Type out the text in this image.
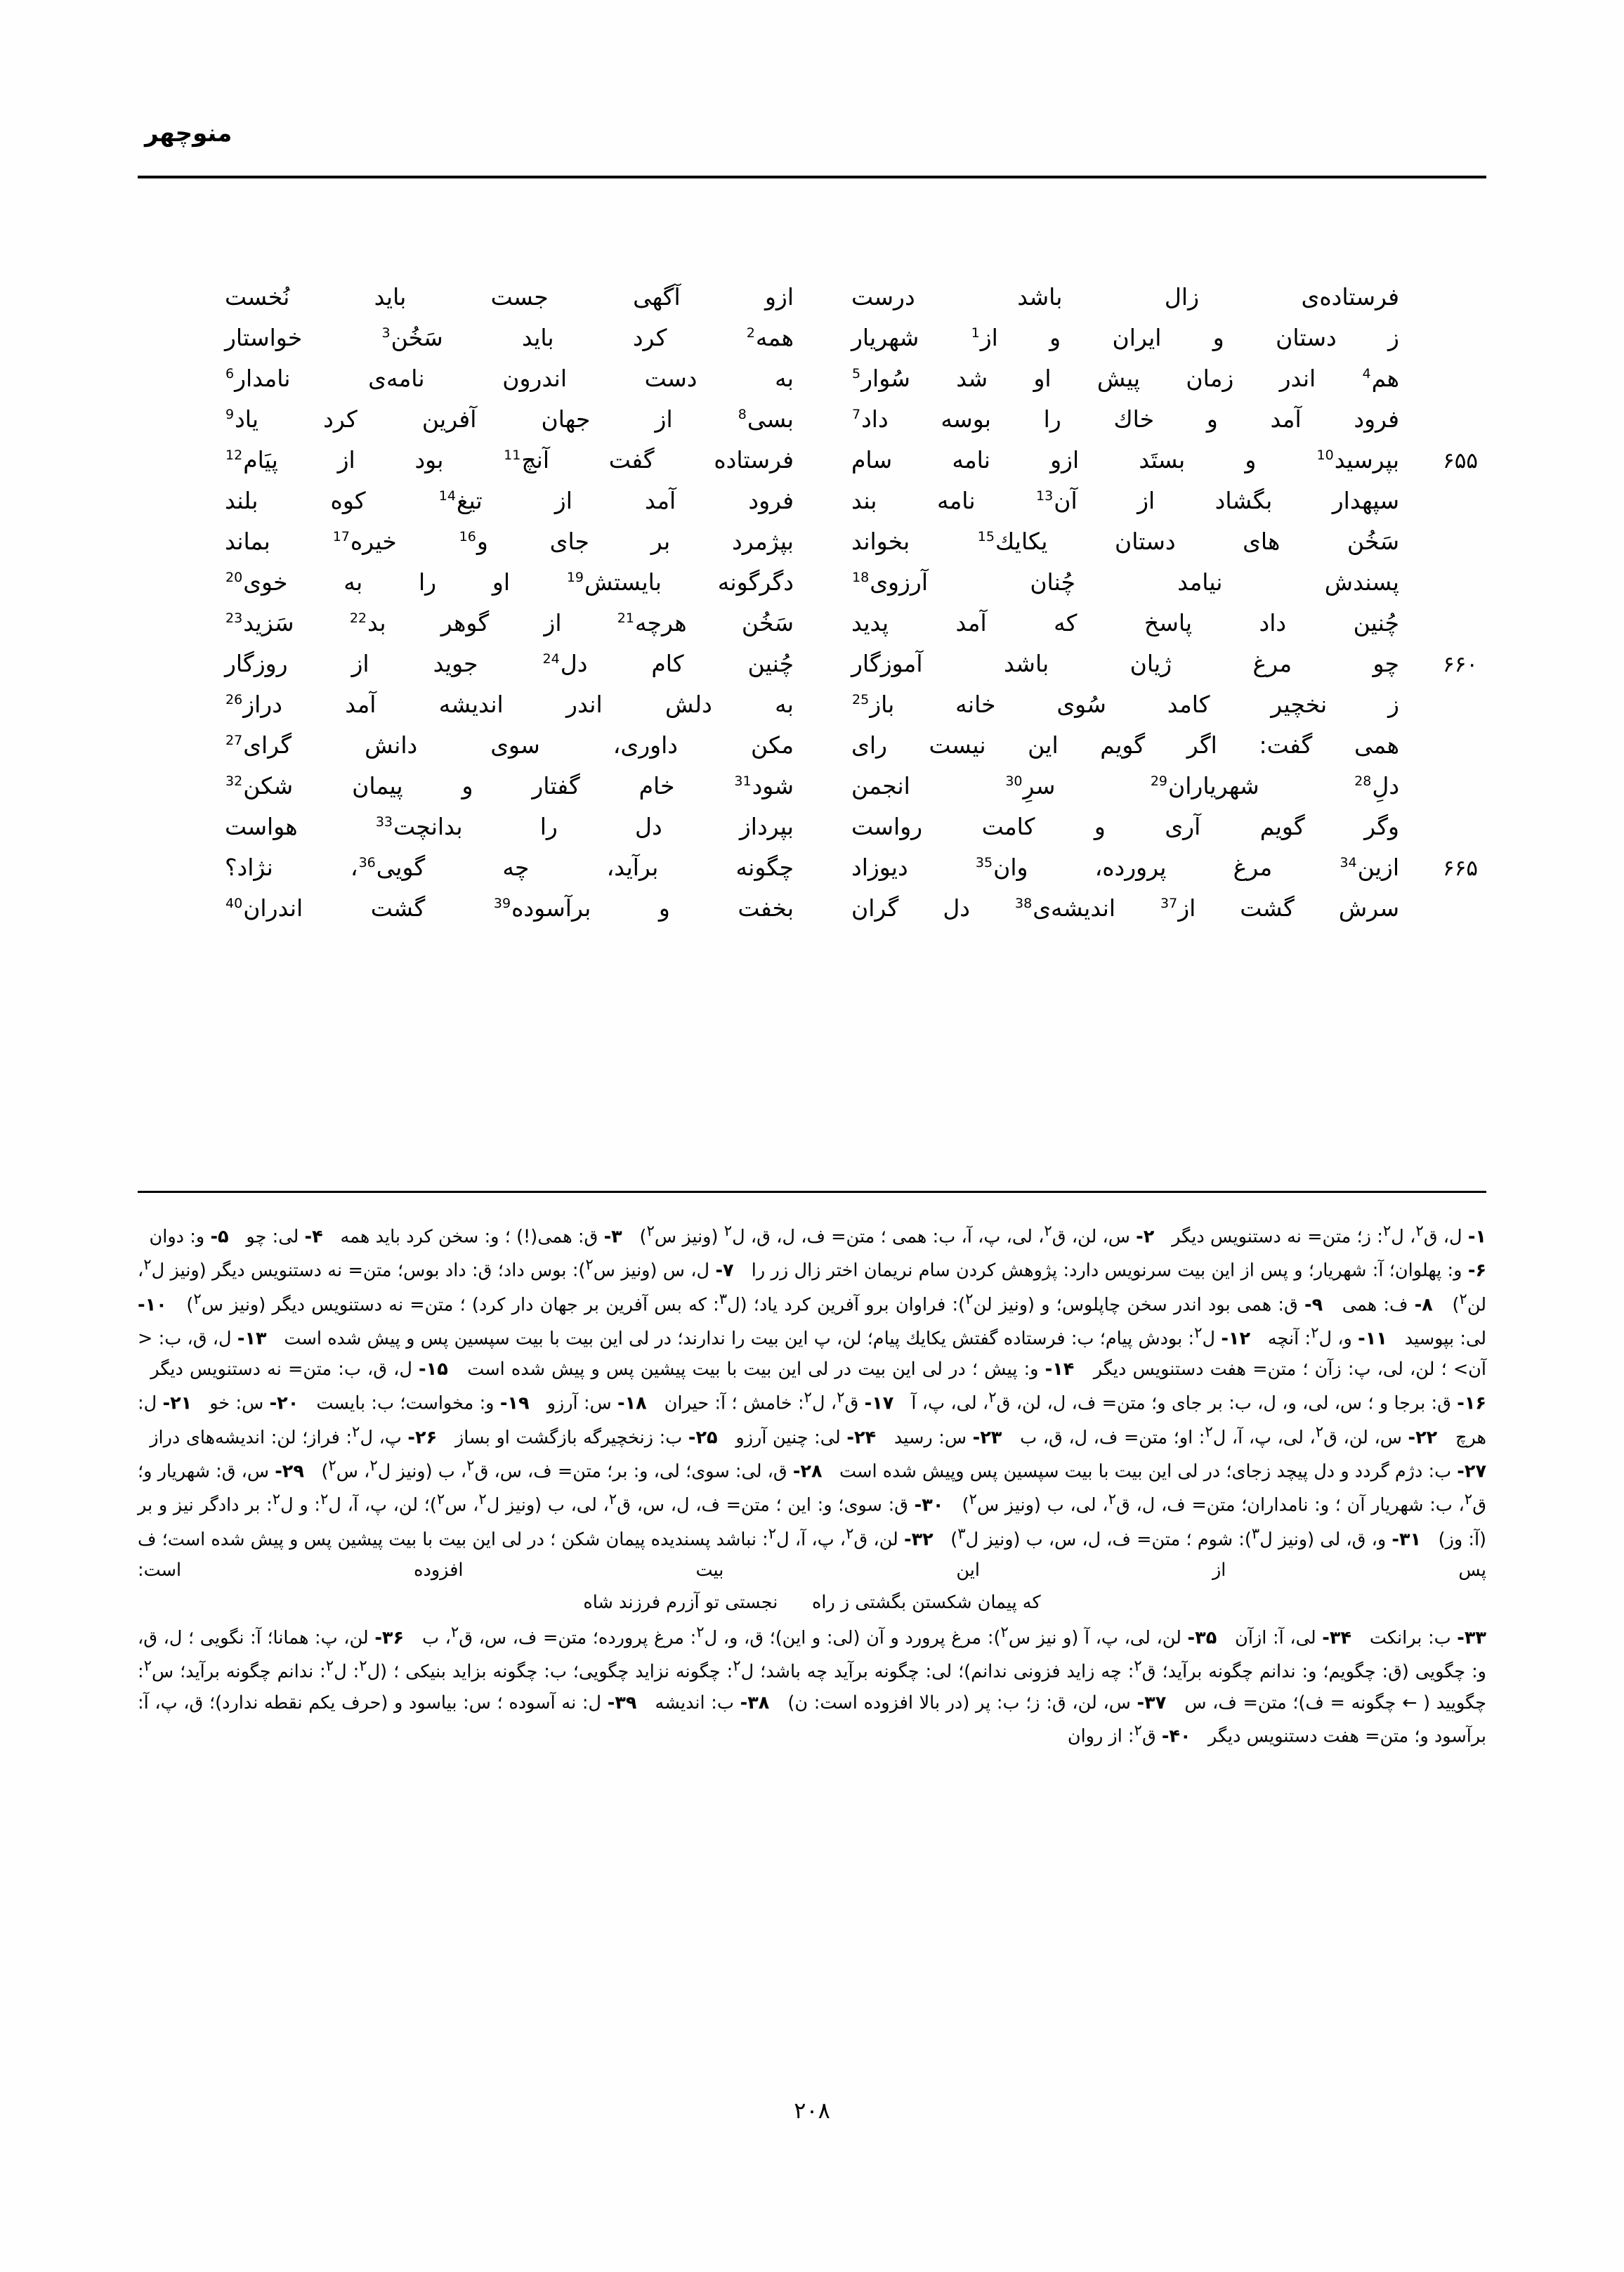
منوچهر
فرستاده‌ی زال باشد درست
ازو آگهی جست باید نُخست
ز دستان و ایران و از$^1$ شهریار
همه$^2$ کرد باید سَخُن$^3$ خواستار
هم$^4$ اندر زمان پیش او شد سُوار$^5$
به دست اندرون نامه‌ی نامدار$^6$
فرود آمد و خاك را بوسه داد$^7$
بسی$^8$ از جهان آفرین کرد یاد$^9$
۶۵۵
بپرسید$^{10}$ و بستَد ازو نامه سام
فرستاده گفت آنچ$^{11}$ بود از پیَام$^{12}$
سپهدار بگشاد از آن$^{13}$ نامه بند
فرود آمد از تیغ$^{14}$ کوه بلند
سَخُن های دستان یکایك$^{15}$ بخواند
بپژمرد بر جای و$^{16}$ خیره$^{17}$ بماند
پسندش نیامد چُنان آرزوی$^{18}$
دگرگونه بایستش$^{19}$ او را به خوی$^{20}$
چُنین داد پاسخ که آمد پدید
سَخُن هرچه$^{21}$ از گوهر بد$^{22}$ سَزید$^{23}$
۶۶۰
چو مرغ ژیان باشد آموزگار
چُنین کام دل$^{24}$ جوید از روزگار
ز نخچیر کامد سُوی خانه باز$^{25}$
به دلش اندر اندیشه آمد دراز$^{26}$
همی گفت: اگر گویم این نیست رای
مکن داوری، سوی دانش گرای$^{27}$
دلِ$^{28}$ شهریاران$^{29}$ سرِ$^{30}$ انجمن
شود$^{31}$ خام گفتار و پیمان شکن$^{32}$
وگر گویم آری و کامت رواست
بپرداز دل را بدانچت$^{33}$ هواست
۶۶۵
ازین$^{34}$ مرغ پرورده، وان$^{35}$ دیوزاد
چگونه برآید، چه گویی$^{36}$، نژاد؟
سرش گشت از$^{37}$ اندیشه‌ی$^{38}$ دل گران
بخفت و برآسوده$^{39}$ گشت اندران$^{40}$

۱- ل، ق$^۲$، ل$^۲$: ز؛ متن= نه دستنویس دیگر   ۲- س، لن، ق$^۲$، لی، پ، آ، ب: همی ؛ متن= ف، ل، ق، ل$^۲$ (ونیز س$^۲$)   ۳- ق: همی(!) ؛ و: سخن کرد باید همه   ۴- لی: چو   ۵- و: دوان   ۶- و: پهلوان؛ آ: شهریار؛ و پس از این بیت سرنویس دارد: پژوهش کردن سام نریمان اختر زال زر را   ۷- ل، س (ونیز س$^۲$): بوس داد؛ ق: داد بوس؛ متن= نه دستنویس دیگر (ونیز ل$^۲$، لن$^۲$)   ۸- ف: همی   ۹- ق: همی بود اندر سخن چاپلوس؛ و (ونیز لن$^۲$): فراوان برو آفرین کرد یاد؛ (ل$^۳$: که بس آفرین بر جهان دار کرد) ؛ متن= نه دستنویس دیگر (ونیز س$^۲$)   ۱۰- لی: بپوسید   ۱۱- و، ل$^۲$: آنچه   ۱۲- ل$^۲$: بودش پیام؛ ب: فرستاده گفتش یکایك پیام؛ لن، پ این بیت را ندارند؛ در لی این بیت با بیت سپسین پس و پیش شده است   ۱۳- ل، ق، ب: < آن> ؛ لن، لی، پ: زآن ؛ متن= هفت دستنویس دیگر   ۱۴- و: پیش ؛ در لی این بیت در لی این بیت با بیت پیشین پس و پیش شده است   ۱۵- ل، ق، ب: متن= نه دستنویس دیگر   ۱۶- ق: برجا و ؛ س، لی، و، ل، ب: بر جای و؛ متن= ف، ل، لن، ق$^۲$، لی، پ، آ   ۱۷- ق$^۲$، ل$^۲$: خامش ؛ آ: حیران   ۱۸- س: آرزو   ۱۹- و: مخواست؛ ب: بایست   ۲۰- س: خو   ۲۱- ل: هرچ   ۲۲- س، لن، ق$^۲$، لی، پ، آ، ل$^۲$: او؛ متن= ف، ل، ق، ب   ۲۳- س: رسید   ۲۴- لی: چنین آرزو   ۲۵- ب: زنخچیرگه بازگشت او بساز   ۲۶- پ، ل$^۲$: فراز؛ لن: اندیشه‌های دراز   ۲۷- ب: دژم گردد و دل پیچد زجای؛ در لی این بیت با بیت سپسین پس وپیش شده است   ۲۸- ق، لی: سوی؛ لی، و: بر؛ متن= ف، س، ق$^۲$، ب (ونیز ل$^۲$، س$^۲$)   ۲۹- س، ق: شهریار و؛ ق$^۲$، ب: شهریار آن ؛ و: نامداران؛ متن= ف، ل، ق$^۲$، لی، ب (ونیز س$^۲$)   ۳۰- ق: سوی؛ و: این ؛ متن= ف، ل، س، ق$^۲$، لی، ب (ونیز ل$^۲$، س$^۲$)؛ لن، پ، آ، ل$^۲$: و ل$^۲$: بر دادگر نیز و بر (آ: وز)   ۳۱- و، ق، لی (ونیز ل$^۳$): شوم ؛ متن= ف، ل، س، ب (ونیز ل$^۳$)   ۳۲- لن، ق$^۲$، پ، آ، ل$^۲$: نباشد پسندیده پیمان شکن ؛ در لی این بیت با بیت پیشین پس و پیش شده است؛ ف پس از این بیت افزوده است:

که پیمان شکستن بگشتی ز راه      نجستی تو آزرم فرزند شاه

۳۳- ب: برانکت   ۳۴- لی، آ: ازآن   ۳۵- لن، لی، پ، آ (و نیز س$^۲$): مرغ پرورد و آن (لی: و این)؛ ق، و، ل$^۲$: مرغ پرورده؛ متن= ف، س، ق$^۲$، ب   ۳۶- لن، پ: همانا؛ آ: نگویی ؛ ل، ق، و: چگویی (ق: چگویم؛ و: ندانم چگونه برآید؛ ق$^۲$: چه زاید فزونی ندانم)؛ لی: چگونه برآید چه باشد؛ ل$^۲$: چگونه نزاید چگویی؛ ب: چگونه بزاید بنیکی ؛ (ل$^۲$: ل$^۲$: ندانم چگونه برآید؛ س$^۲$: چگویید ( ← چگونه = ف)؛ متن= ف، س   ۳۷- س، لن، ق: ز؛ ب: پر (در بالا افزوده است: ن)   ۳۸- ب: اندیشه   ۳۹- ل: نه آسوده ؛ س: بیاسود و (حرف یکم نقطه ندارد)؛ ق، پ، آ: برآسود و؛ متن= هفت دستنویس دیگر   ۴۰- ق$^۲$: از روان

۲۰۸
